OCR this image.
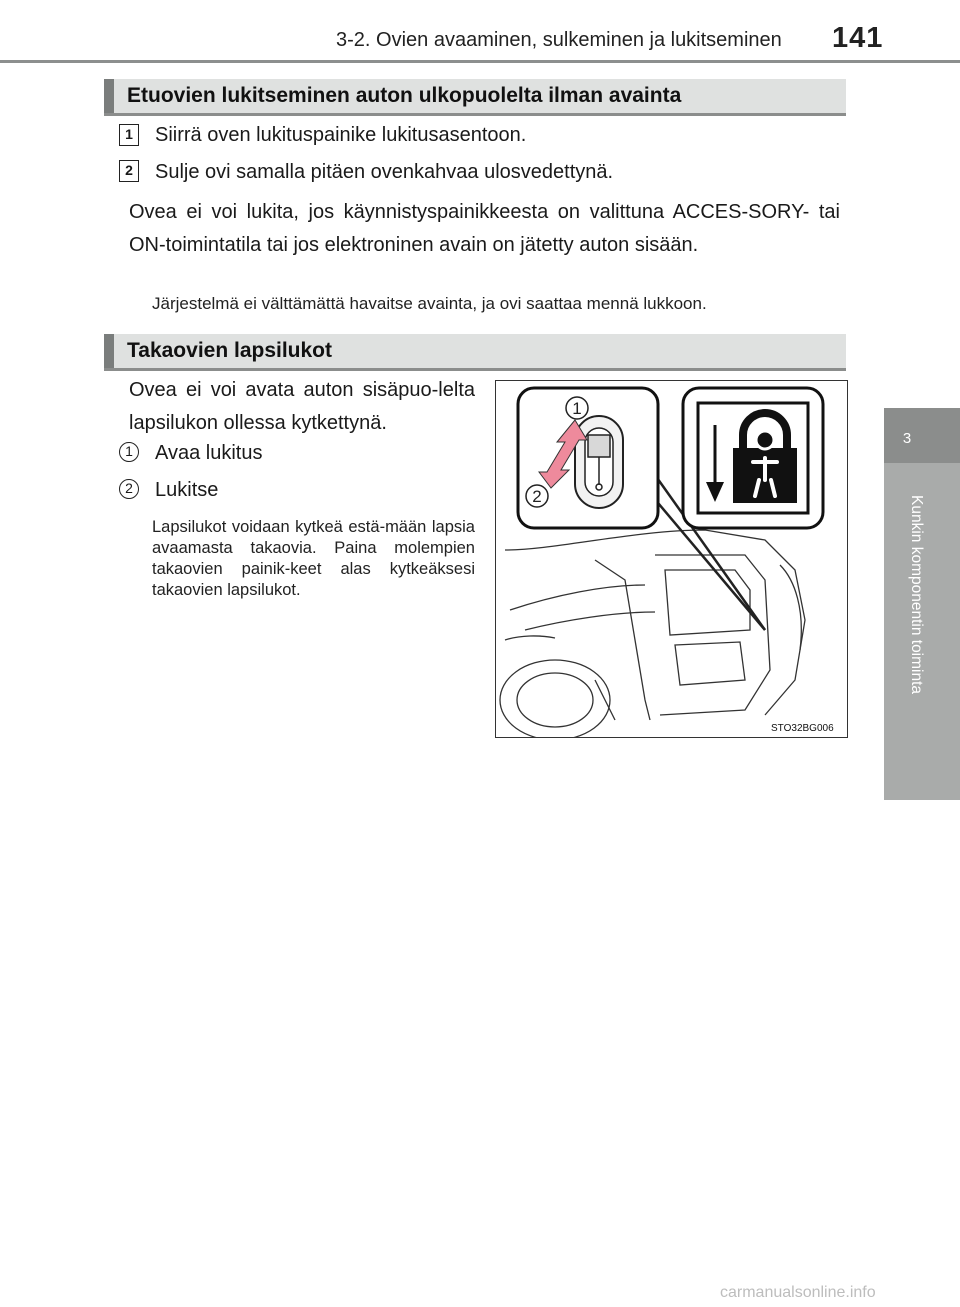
3-2. Ovien avaaminen, sulkeminen ja lukitseminen 141
3
Kunkin komponentin toiminta
Etuovien lukitseminen auton ulkopuolelta ilman avainta
1	Siirrä oven lukituspainike lukitusasentoon.
2	Sulje ovi samalla pitäen ovenkahvaa ulosvedettynä.
Ovea ei voi lukita, jos käynnistyspainikkeesta on valittuna ACCES-SORY- tai ON-toimintatila tai jos elektroninen avain on jätetty auton sisään.
Järjestelmä ei välttämättä havaitse avainta, ja ovi saattaa mennä lukkoon.
Takaovien lapsilukot
Ovea ei voi avata auton sisäpuo-lelta lapsilukon ollessa kytkettynä.
1	Avaa lukitus
2	Lukitse
Lapsilukot voidaan kytkeä estä-mään lapsia avaamasta takaovia. Paina molempien takaovien painik-keet alas kytkeäksesi takaovien lapsilukot.
1
2
STO32BG006
carmanualsonline.info
